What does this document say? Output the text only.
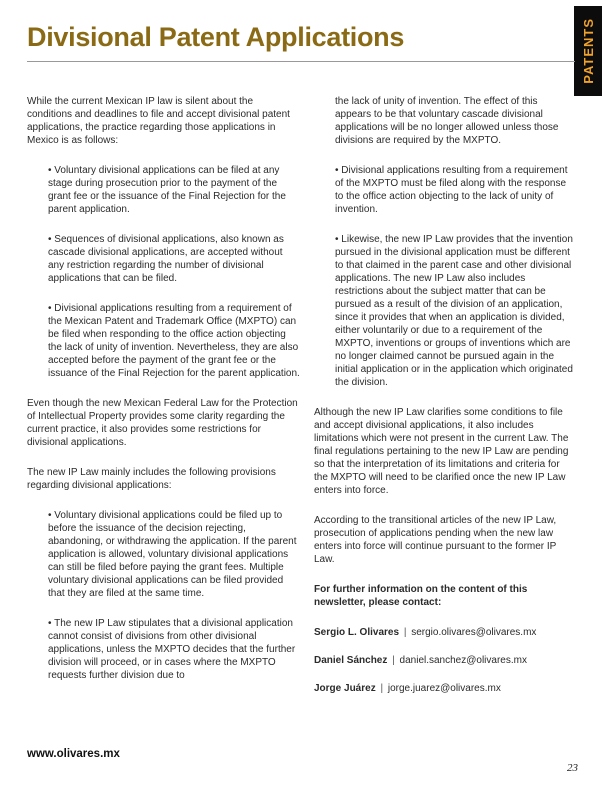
PATENTS
Divisional Patent Applications

While the current Mexican IP law is silent about the conditions and deadlines to file and accept divisional patent applications, the practice regarding those applications in Mexico is as follows:

• Voluntary divisional applications can be filed at any stage during prosecution prior to the payment of the grant fee or the issuance of the Final Rejection for the parent application.

• Sequences of divisional applications, also known as cascade divisional applications, are accepted without any restriction regarding the number of divisional applications that can be filed.

• Divisional applications resulting from a requirement of the Mexican Patent and Trademark Office (MXPTO) can be filed when responding to the office action objecting the lack of unity of invention. Nevertheless, they are also accepted before the payment of the grant fee or the issuance of the Final Rejection for the parent application.

Even though the new Mexican Federal Law for the Protection of Intellectual Property provides some clarity regarding the current practice, it also provides some restrictions for divisional applications.

The new IP Law mainly includes the following provisions regarding divisional applications:

• Voluntary divisional applications could be filed up to before the issuance of the decision rejecting, abandoning, or withdrawing the application. If the parent application is allowed, voluntary divisional applications can still be filed before paying the grant fees. Multiple voluntary divisional applications can be filed provided that they are filed at the same time.

• The new IP Law stipulates that a divisional application cannot consist of divisions from other divisional applications, unless the MXPTO decides that the further division will proceed, or in cases where the MXPTO requests further division due to

the lack of unity of invention. The effect of this appears to be that voluntary cascade divisional applications will be no longer allowed unless those divisions are required by the MXPTO.

• Divisional applications resulting from a requirement of the MXPTO must be filed along with the response to the office action objecting to the lack of unity of invention.

• Likewise, the new IP Law provides that the invention pursued in the divisional application must be different to that claimed in the parent case and other divisional applications. The new IP Law also includes restrictions about the subject matter that can be pursued as a result of the division of an application, since it provides that when an application is divided, either voluntarily or due to a requirement of the MXPTO, inventions or groups of inventions which are no longer claimed cannot be pursued again in the initial application or in the application which originated the division.

Although the new IP Law clarifies some conditions to file and accept divisional applications, it also includes limitations which were not present in the current Law. The final regulations pertaining to the new IP Law are pending so that the interpretation of its limitations and criteria for the MXPTO will need to be clarified once the new IP Law enters into force.

According to the transitional articles of the new IP Law, prosecution of applications pending when the new law enters into force will continue pursuant to the former IP Law.

For further information on the content of this newsletter, please contact:

Sergio L. Olivares | sergio.olivares@olivares.mx

Daniel Sánchez | daniel.sanchez@olivares.mx

Jorge Juárez | jorge.juarez@olivares.mx

www.olivares.mx
23
